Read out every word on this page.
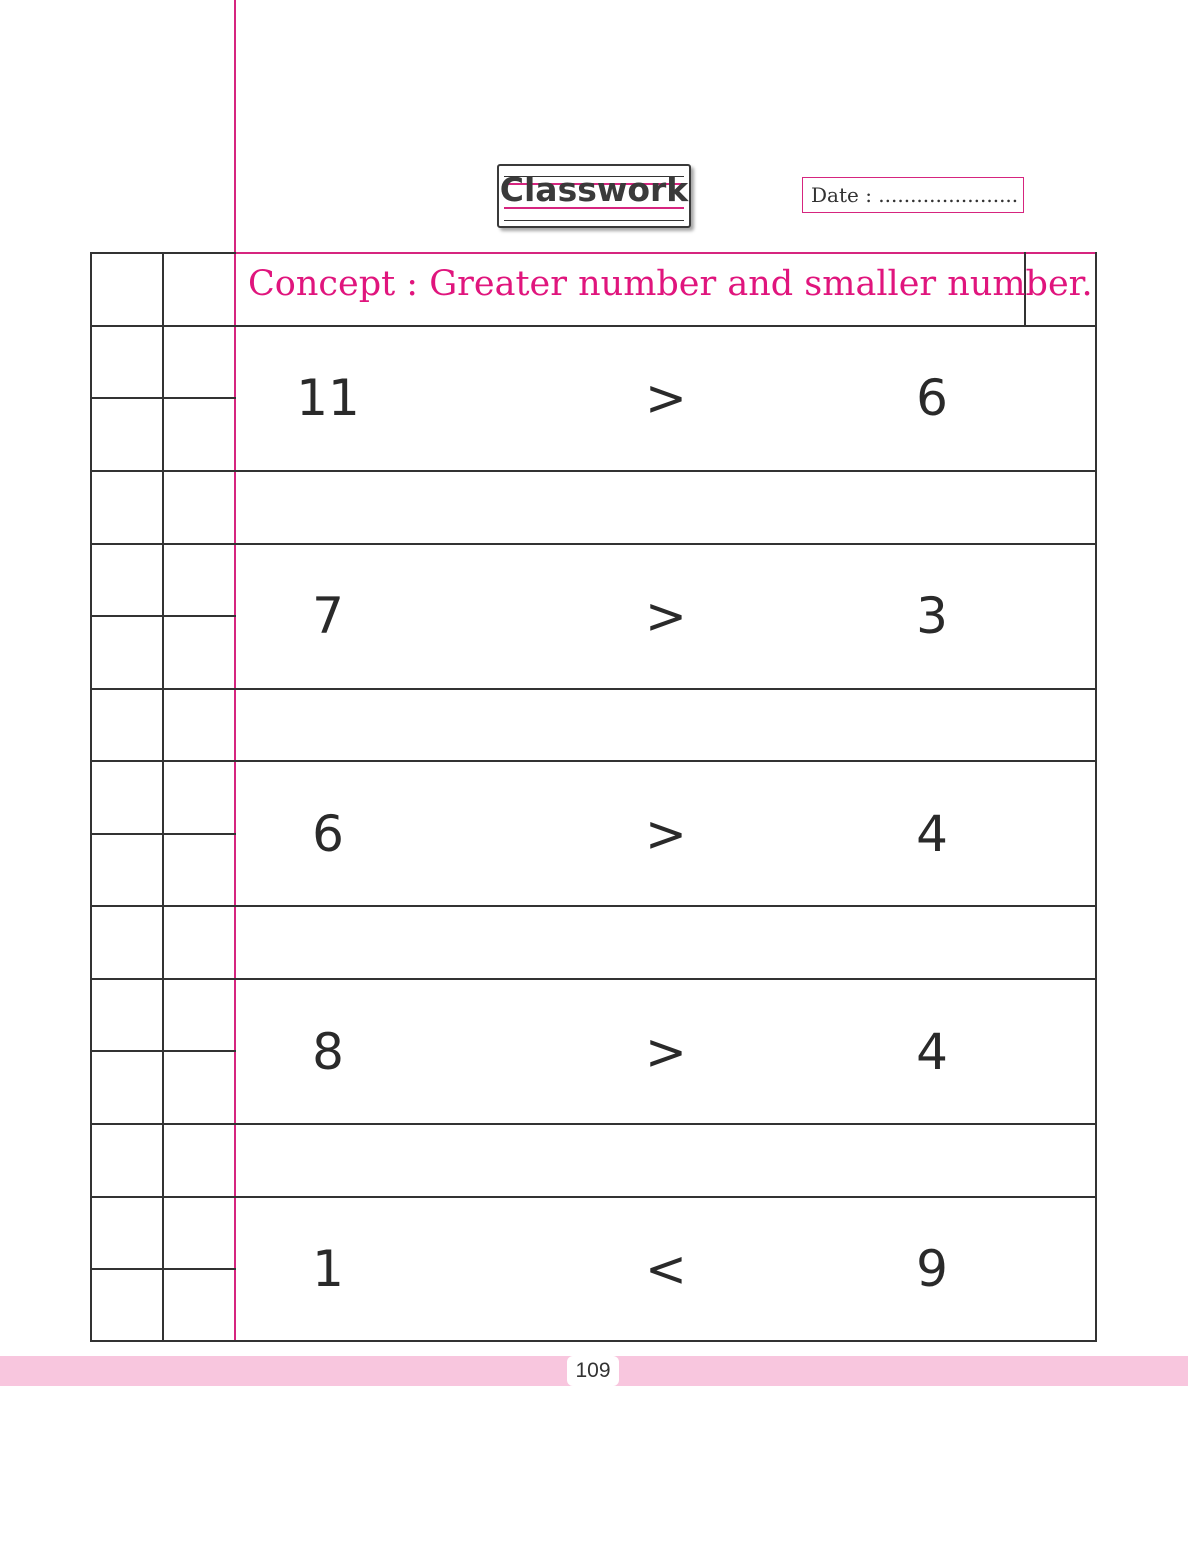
Classwork	Date : ......................
Concept : Greater number and smaller number.
11	>	6
7	>	3
6	>	4
8	>	4
1	<	9
109
